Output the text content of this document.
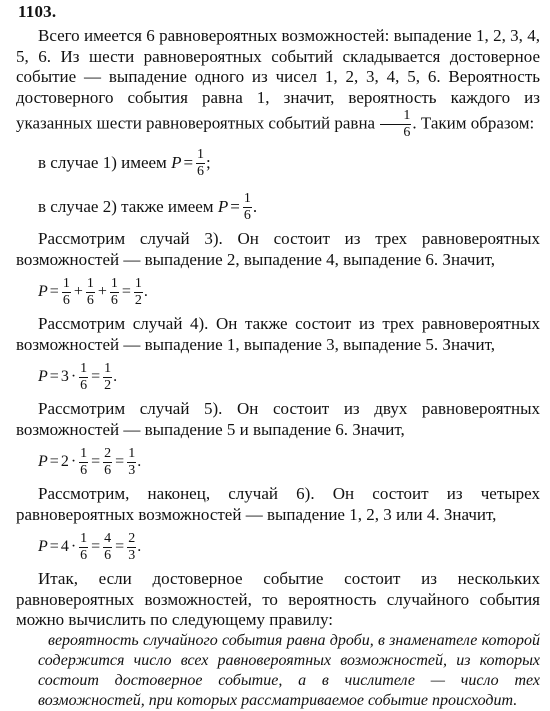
1103.

Всего имеется 6 равновероятных возможностей: выпадение 1, 2, 3, 4, 5, 6. Из шести равновероятных событий складывается достоверное событие — выпадение одного из чисел 1, 2, 3, 4, 5, 6. Вероятность достоверного события равна 1, значит, вероятность каждого из указанных шести равновероятных событий равна $\frac{1}{6}$ . Таким образом:

в случае 1) имеем
$P = \frac{1}{6}$ ;
в случае 2) также имеем
$P = \frac{1}{6}$ .

Рассмотрим случай 3). Он состоит из трех равновероятных возможностей — выпадение 2, выпадение 4, выпадение 6. Значит,

$P = \frac{1}{6} + \frac{1}{6} + \frac{1}{6} = \frac{1}{2}$ .

Рассмотрим случай 4). Он также состоит из трех равновероятных возможностей — выпадение 1, выпадение 3, выпадение 5. Значит,

$P = 3 \cdot \frac{1}{6} = \frac{1}{2}$ .

Рассмотрим случай 5). Он состоит из двух равновероятных возможностей — выпадение 5 и выпадение 6. Значит,

$P = 2 \cdot \frac{1}{6} = \frac{2}{6} = \frac{1}{3}$ .

Рассмотрим, наконец, случай 6). Он состоит из четырех равновероятных возможностей — выпадение 1, 2, 3 или 4. Значит,

$P = 4 \cdot \frac{1}{6} = \frac{4}{6} = \frac{2}{3}$ .

Итак, если достоверное событие состоит из нескольких равновероятных возможностей, то вероятность случайного события можно вычислить по следующему правилу:

вероятность случайного события равна дроби, в знаменателе которой содержится число всех равновероятных возможностей, из которых состоит достоверное событие, а в числителе — число тех возможностей, при которых рассматриваемое событие происходит.
